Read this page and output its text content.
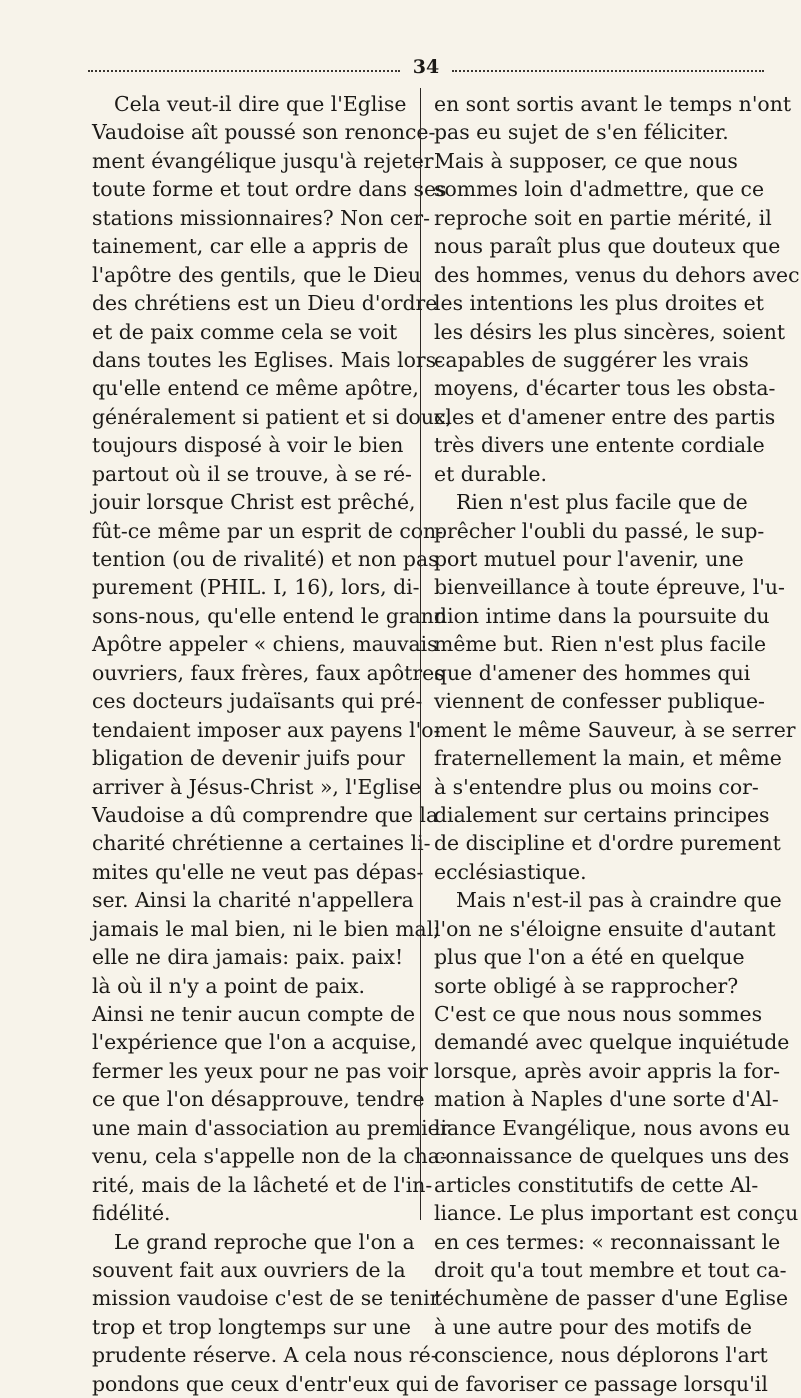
34
Cela veut-il dire que l'Eglise
Vaudoise aît poussé son renonce-
ment évangélique jusqu'à rejeter
toute forme et tout ordre dans ses
stations missionnaires? Non cer-
tainement, car elle a appris de
l'apôtre des gentils, que le Dieu
des chrétiens est un Dieu d'ordre
et de paix comme cela se voit
dans toutes les Eglises. Mais lors-
qu'elle entend ce même apôtre,
généralement si patient et si doux,
toujours disposé à voir le bien
partout où il se trouve, à se ré-
jouir lorsque Christ est prêché,
fût-ce même par un esprit de con-
tention (ou de rivalité) et non pas
purement (PHIL. I, 16), lors, di-
sons-nous, qu'elle entend le grand
Apôtre appeler « chiens, mauvais
ouvriers, faux frères, faux apôtres
ces docteurs judaïsants qui pré-
tendaient imposer aux payens l'o-
bligation de devenir juifs pour
arriver à Jésus-Christ », l'Eglise
Vaudoise a dû comprendre que la
charité chrétienne a certaines li-
mites qu'elle ne veut pas dépas-
ser. Ainsi la charité n'appellera
jamais le mal bien, ni le bien mal;
elle ne dira jamais: paix. paix!
là où il n'y a point de paix.
Ainsi ne tenir aucun compte de
l'expérience que l'on a acquise,
fermer les yeux pour ne pas voir
ce que l'on désapprouve, tendre
une main d'association au premier
venu, cela s'appelle non de la cha-
rité, mais de la lâcheté et de l'in-
fidélité.
Le grand reproche que l'on a
souvent fait aux ouvriers de la
mission vaudoise c'est de se tenir
trop et trop longtemps sur une
prudente réserve. A cela nous ré-
pondons que ceux d'entr'eux qui
en sont sortis avant le temps n'ont
pas eu sujet de s'en féliciter.
Mais à supposer, ce que nous
sommes loin d'admettre, que ce
reproche soit en partie mérité, il
nous paraît plus que douteux que
des hommes, venus du dehors avec
les intentions les plus droites et
les désirs les plus sincères, soient
capables de suggérer les vrais
moyens, d'écarter tous les obsta-
cles et d'amener entre des partis
très divers une entente cordiale
et durable.
Rien n'est plus facile que de
prêcher l'oubli du passé, le sup-
port mutuel pour l'avenir, une
bienveillance à toute épreuve, l'u-
nion intime dans la poursuite du
même but. Rien n'est plus facile
que d'amener des hommes qui
viennent de confesser publique-
ment le même Sauveur, à se serrer
fraternellement la main, et même
à s'entendre plus ou moins cor-
dialement sur certains principes
de discipline et d'ordre purement
ecclésiastique.
Mais n'est-il pas à craindre que
l'on ne s'éloigne ensuite d'autant
plus que l'on a été en quelque
sorte obligé à se rapprocher?
C'est ce que nous nous sommes
demandé avec quelque inquiétude
lorsque, après avoir appris la for-
mation à Naples d'une sorte d'Al-
liance Evangélique, nous avons eu
connaissance de quelques uns des
articles constitutifs de cette Al-
liance. Le plus important est conçu
en ces termes: « reconnaissant le
droit qu'a tout membre et tout ca-
téchumène de passer d'une Eglise
à une autre pour des motifs de
conscience, nous déplorons l'art
de favoriser ce passage lorsqu'il
